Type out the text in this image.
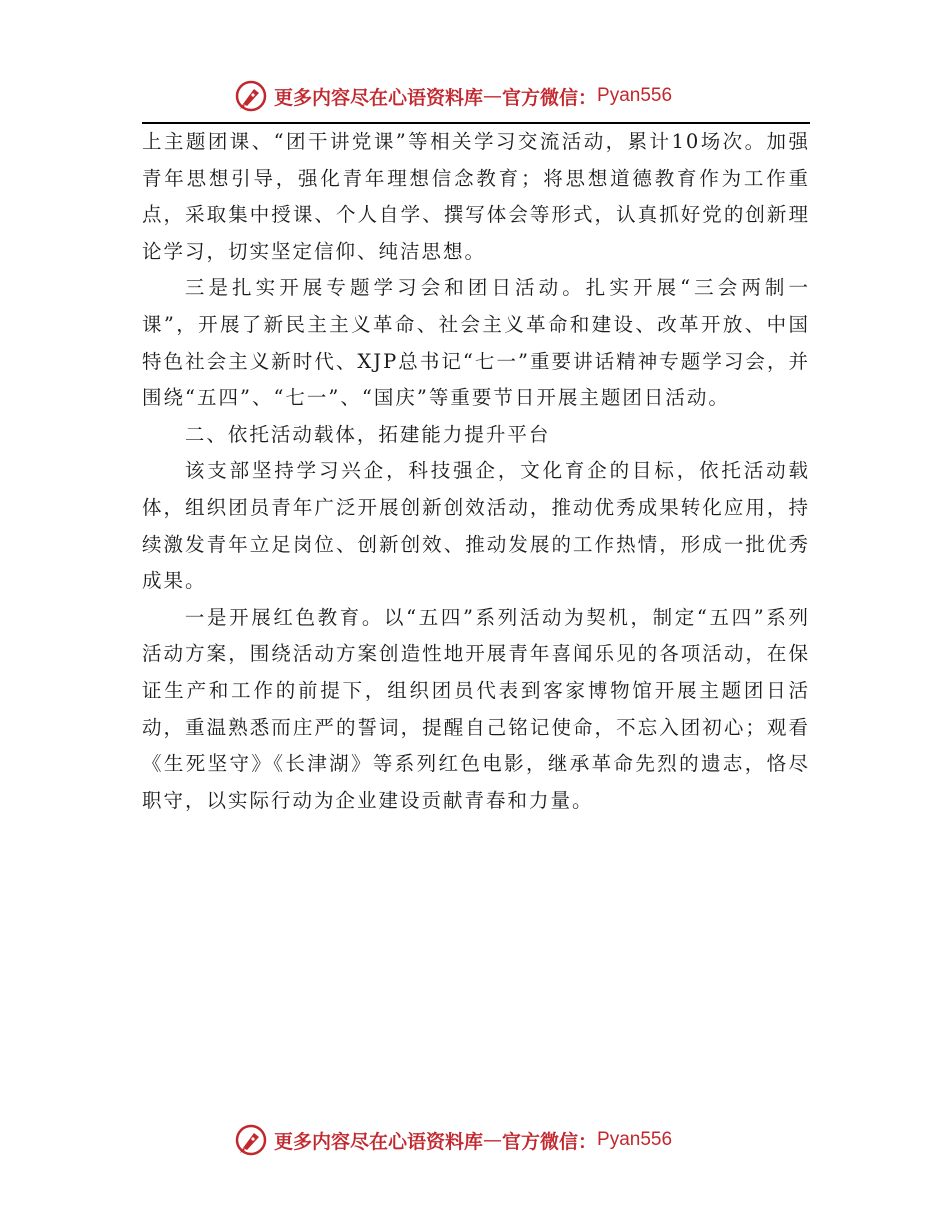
更多内容尽在心语资料库 — 官方微信： Pyan556

上主题团课、“团干讲党课”等相关学习交流活动，累计10场次。加强青年思想引导，强化青年理想信念教育；将思想道德教育作为工作重点，采取集中授课、个人自学、撰写体会等形式，认真抓好党的创新理论学习，切实坚定信仰、纯洁思想。

三是扎实开展专题学习会和团日活动。扎实开展“三会两制一课”，开展了新民主主义革命、社会主义革命和建设、改革开放、中国特色社会主义新时代、XJP总书记“七一”重要讲话精神专题学习会，并围绕“五四”、“七一”、“国庆”等重要节日开展主题团日活动。

二、依托活动载体，拓建能力提升平台

该支部坚持学习兴企，科技强企，文化育企的目标，依托活动载体，组织团员青年广泛开展创新创效活动，推动优秀成果转化应用，持续激发青年立足岗位、创新创效、推动发展的工作热情，形成一批优秀成果。

一是开展红色教育。以“五四”系列活动为契机，制定“五四”系列活动方案，围绕活动方案创造性地开展青年喜闻乐见的各项活动，在保证生产和工作的前提下，组织团员代表到客家博物馆开展主题团日活动，重温熟悉而庄严的誓词，提醒自己铭记使命，不忘入团初心；观看《生死坚守》《长津湖》等系列红色电影，继承革命先烈的遗志，恪尽职守，以实际行动为企业建设贡献青春和力量。

更多内容尽在心语资料库 — 官方微信： Pyan556
